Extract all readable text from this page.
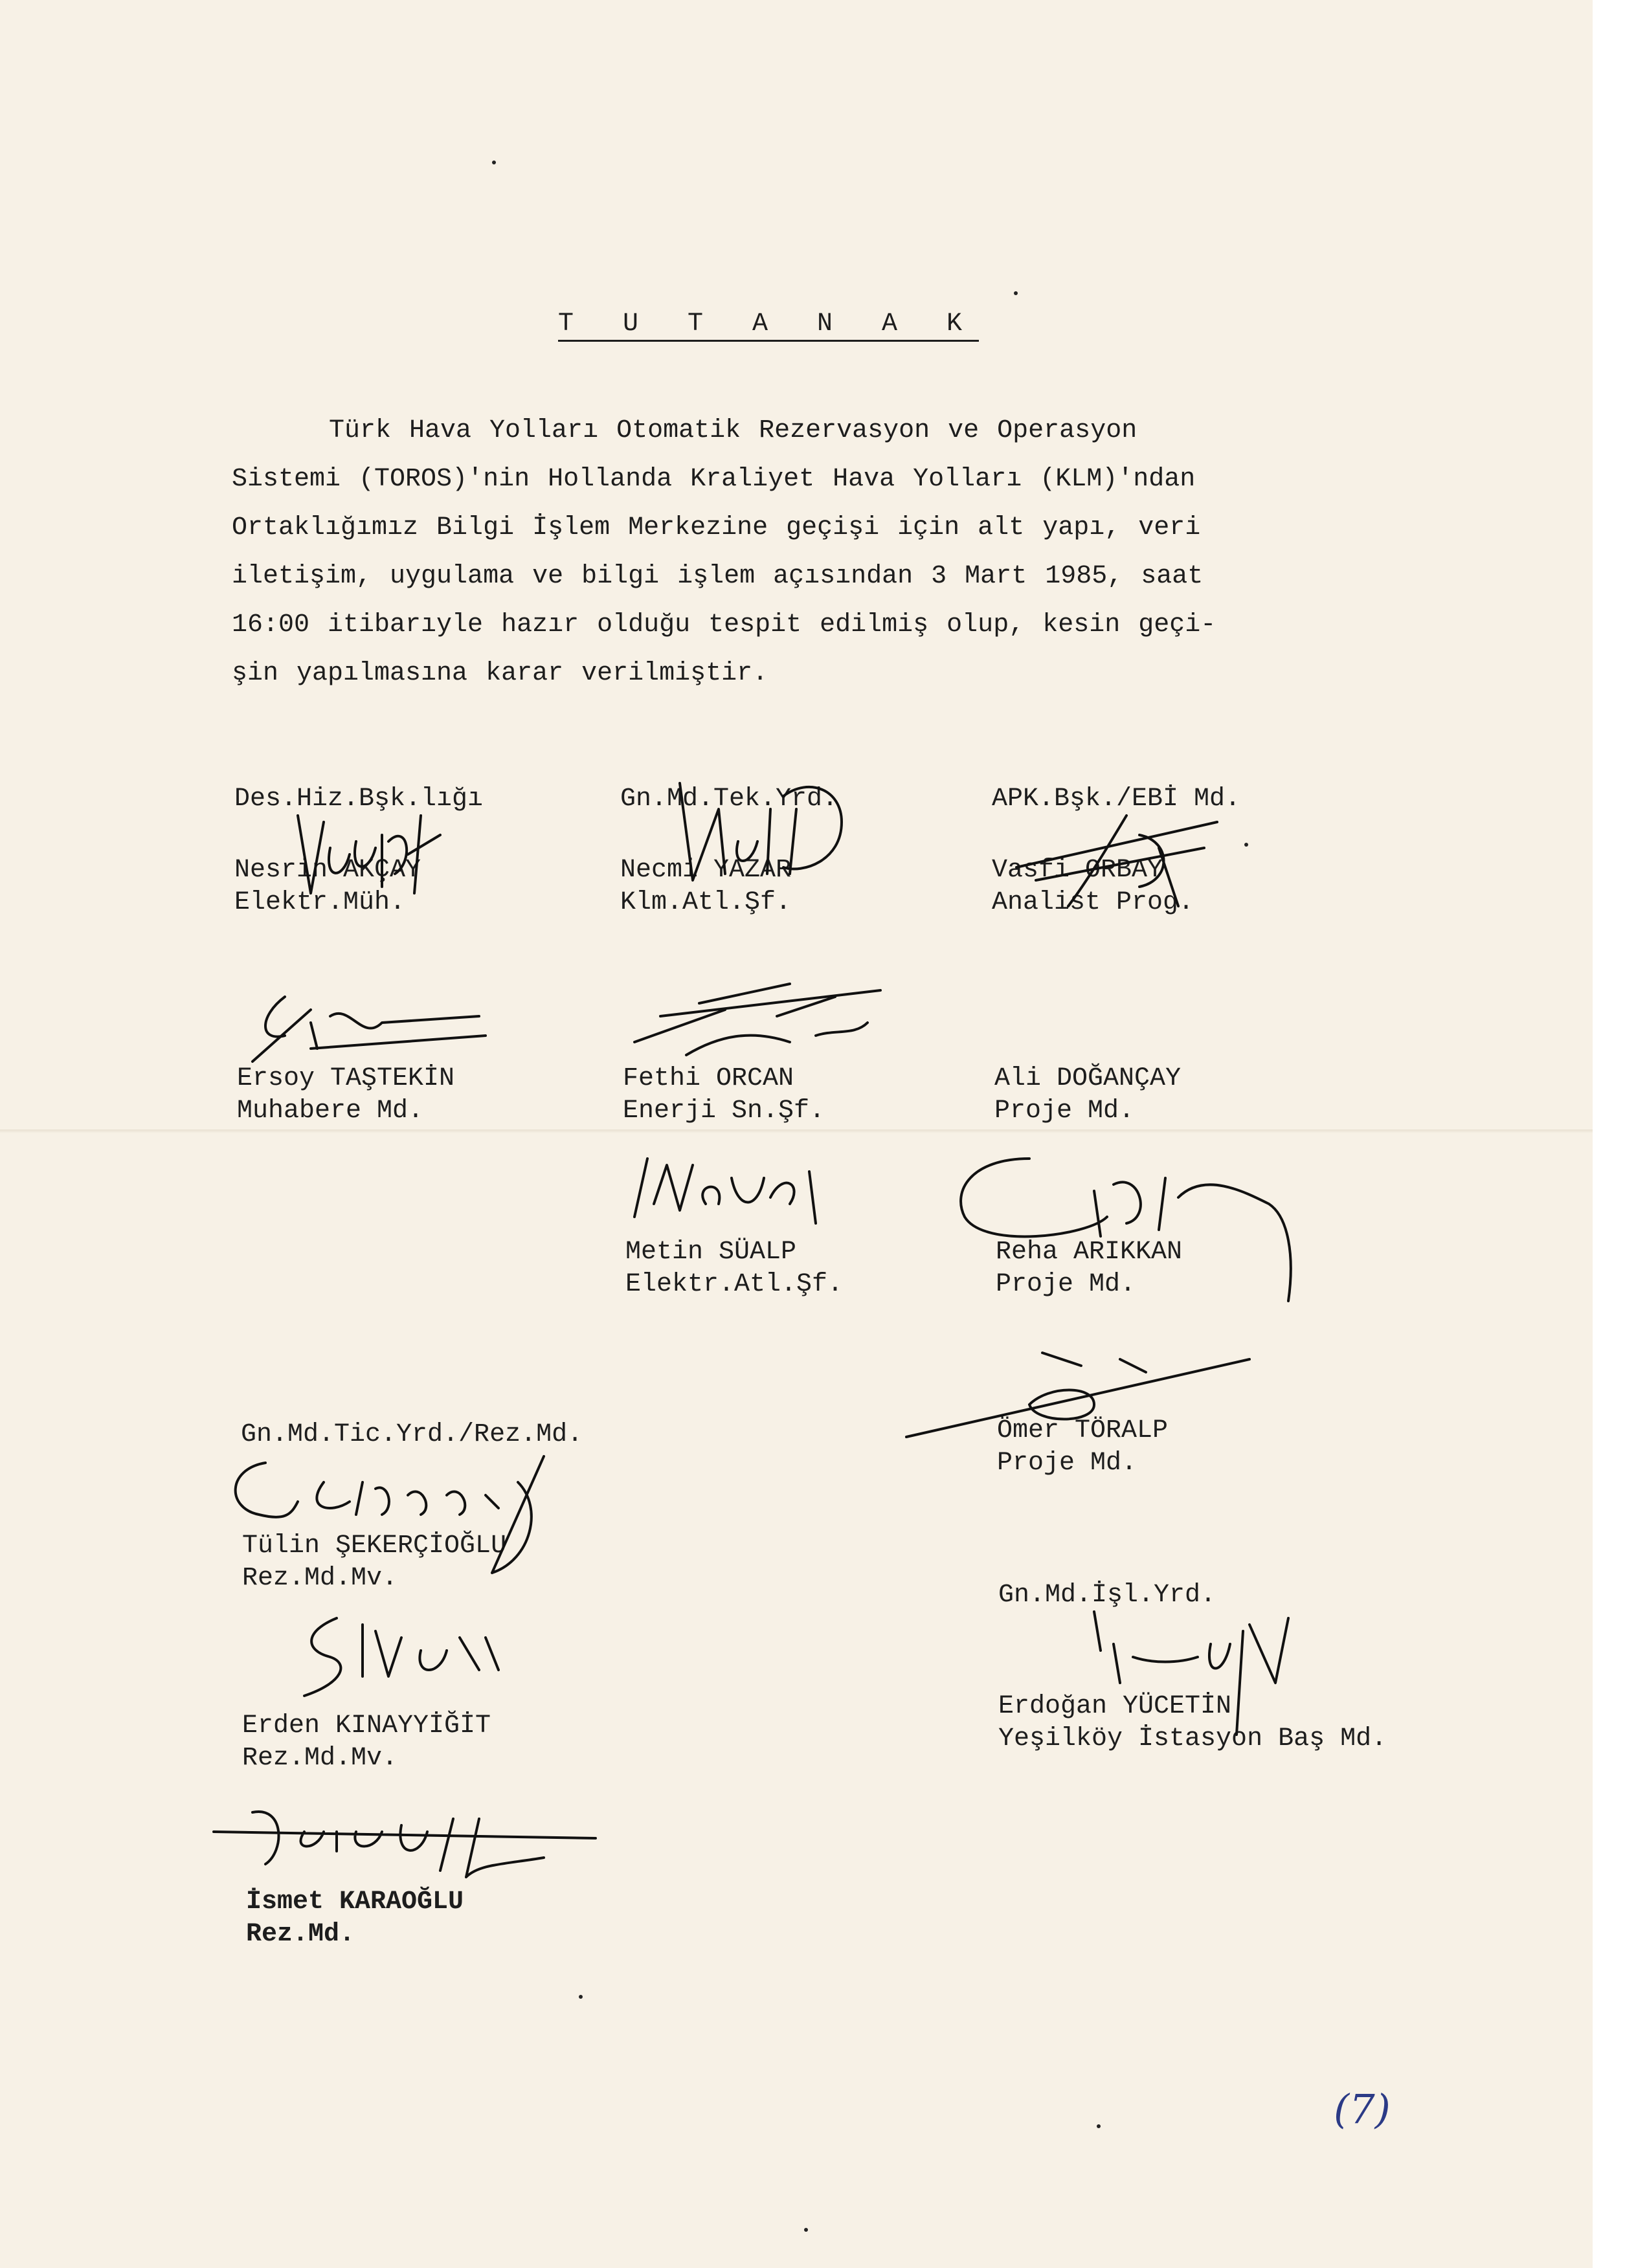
T U T A N A K
Türk Hava Yolları Otomatik Rezervasyon ve Operasyon
Sistemi (TOROS)'nin Hollanda Kraliyet Hava Yolları (KLM)'ndan
Ortaklığımız Bilgi İşlem Merkezine geçişi için alt yapı, veri
iletişim, uygulama ve bilgi işlem açısından 3 Mart 1985, saat
16:00 itibarıyle hazır olduğu tespit edilmiş olup, kesin geçi-
şin yapılmasına karar verilmiştir.
Des.Hiz.Bşk.lığı
Nesrin AKÇAY
Elektr.Müh.
Gn.Md.Tek.Yrd.
Necmi YAZAR
Klm.Atl.Şf.
APK.Bşk./EBİ Md.
Vasfi ORBAY
Analist Prog.
Ersoy TAŞTEKİN
Muhabere Md.
Fethi ORCAN
Enerji Sn.Şf.
Ali DOĞANÇAY
Proje Md.
Metin SÜALP
Elektr.Atl.Şf.
Reha ARIKKAN
Proje Md.
Gn.Md.Tic.Yrd./Rez.Md.	Ömer TÖRALP
Proje Md.
Tülin ŞEKERÇİOĞLU
Rez.Md.Mv.
Gn.Md.İşl.Yrd.
Erden KINAYYİĞİT
Rez.Md.Mv.
Erdoğan YÜCETİN
Yeşilköy İstasyon Baş Md.
İsmet KARAOĞLU
Rez.Md.
(7)
